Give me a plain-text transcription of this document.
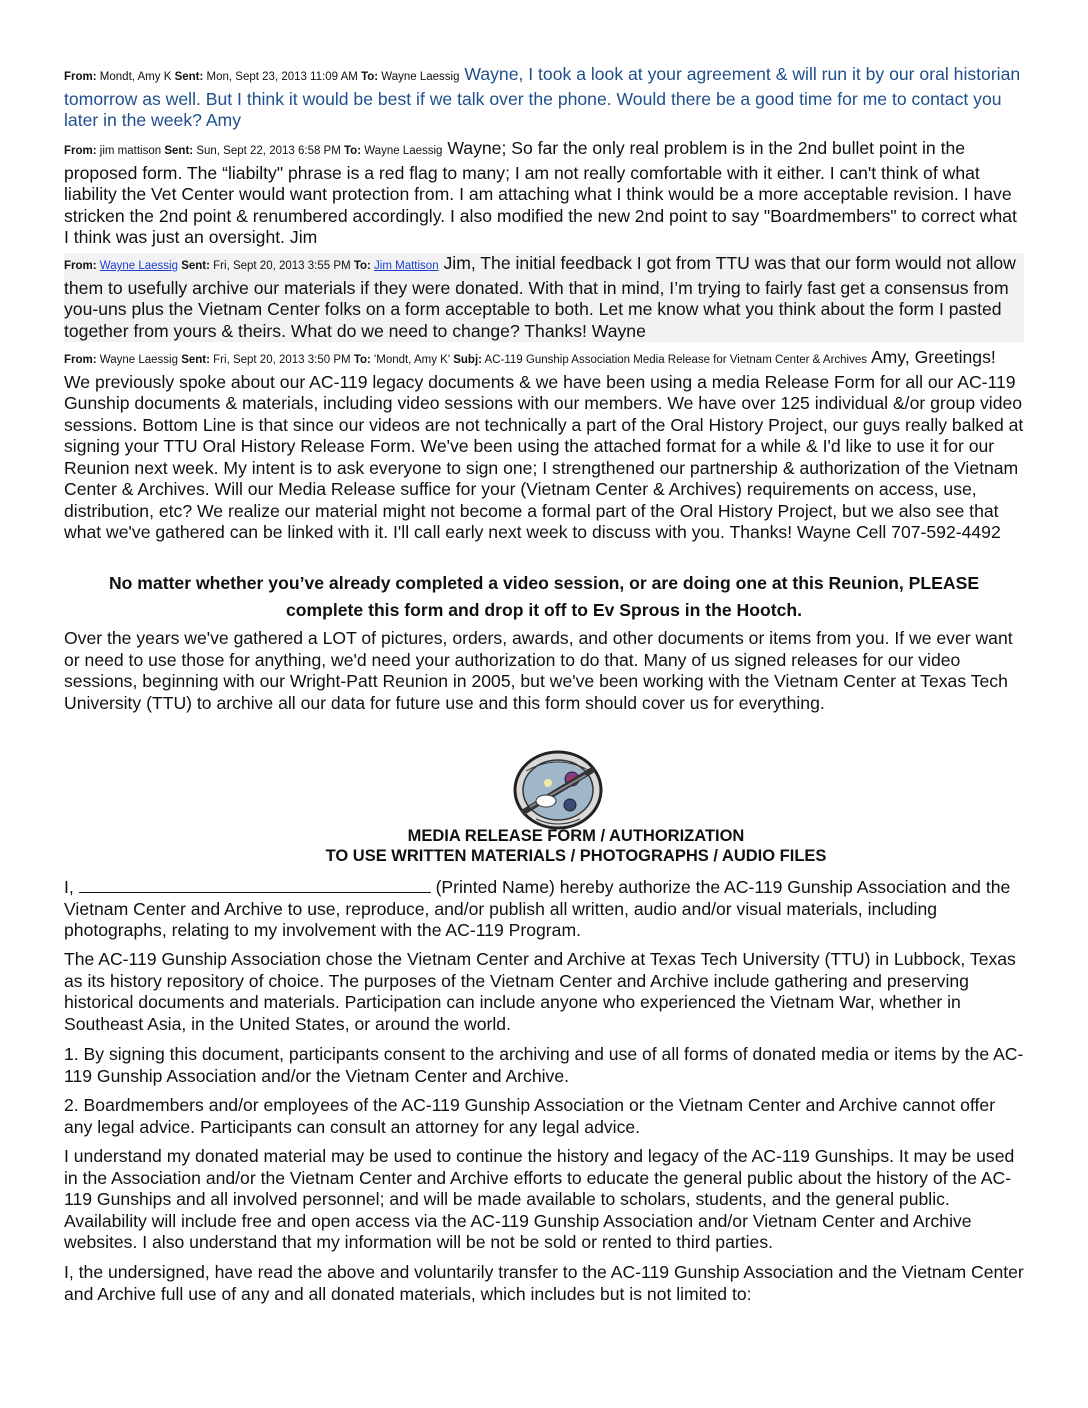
From: Mondt, Amy K Sent: Mon, Sept 23, 2013 11:09 AM To: Wayne Laessig Wayne, I took a look at your agreement & will run it by our oral historian tomorrow as well. But I think it would be best if we talk over the phone. Would there be a good time for me to contact you later in the week? Amy
From: jim mattison Sent: Sun, Sept 22, 2013 6:58 PM To: Wayne Laessig Wayne; So far the only real problem is in the 2nd bullet point in the proposed form. The “liabilty" phrase is a red flag to many; I am not really comfortable with it either. I can't think of what liability the Vet Center would want protection from. I am attaching what I think would be a more acceptable revision. I have stricken the 2nd point & renumbered accordingly. I also modified the new 2nd point to say "Boardmembers" to correct what I think was just an oversight. Jim
From: Wayne Laessig Sent: Fri, Sept 20, 2013 3:55 PM To: Jim Mattison Jim, The initial feedback I got from TTU was that our form would not allow them to usefully archive our materials if they were donated. With that in mind, I’m trying to fairly fast get a consensus from you-uns plus the Vietnam Center folks on a form acceptable to both. Let me know what you think about the form I pasted together from yours & theirs. What do we need to change? Thanks! Wayne
From: Wayne Laessig Sent: Fri, Sept 20, 2013 3:50 PM To: 'Mondt, Amy K' Subj: AC-119 Gunship Association Media Release for Vietnam Center & Archives Amy, Greetings! We previously spoke about our AC-119 legacy documents & we have been using a media Release Form for all our AC-119 Gunship documents & materials, including video sessions with our members. We have over 125 individual &/or group video sessions. Bottom Line is that since our videos are not technically a part of the Oral History Project, our guys really balked at signing your TTU Oral History Release Form. We've been using the attached format for a while & I'd like to use it for our Reunion next week. My intent is to ask everyone to sign one; I strengthened our partnership & authorization of the Vietnam Center & Archives. Will our Media Release suffice for your (Vietnam Center & Archives) requirements on access, use, distribution, etc? We realize our material might not become a formal part of the Oral History Project, but we also see that what we've gathered can be linked with it. I'll call early next week to discuss with you. Thanks! Wayne Cell 707-592-4492
No matter whether you’ve already completed a video session, or are doing one at this Reunion, PLEASE
complete this form and drop it off to Ev Sprous in the Hootch.
Over the years we've gathered a LOT of pictures, orders, awards, and other documents or items from you. If we ever want or need to use those for anything, we'd need your authorization to do that. Many of us signed releases for our video sessions, beginning with our Wright-Patt Reunion in 2005, but we've been working with the Vietnam Center at Texas Tech University (TTU) to archive all our data for future use and this form should cover us for everything.
MEDIA RELEASE FORM / AUTHORIZATION
TO USE WRITTEN MATERIALS / PHOTOGRAPHS / AUDIO FILES
I,	(Printed Name) hereby authorize the AC-119 Gunship Association and the Vietnam Center and Archive to use, reproduce, and/or publish all written, audio and/or visual materials, including photographs, relating to my involvement with the AC-119 Program.
The AC-119 Gunship Association chose the Vietnam Center and Archive at Texas Tech University (TTU) in Lubbock, Texas as its history repository of choice. The purposes of the Vietnam Center and Archive include gathering and preserving historical documents and materials. Participation can include anyone who experienced the Vietnam War, whether in Southeast Asia, in the United States, or around the world.
1. By signing this document, participants consent to the archiving and use of all forms of donated media or items by the AC-119 Gunship Association and/or the Vietnam Center and Archive.
2. Boardmembers and/or employees of the AC-119 Gunship Association or the Vietnam Center and Archive cannot offer any legal advice. Participants can consult an attorney for any legal advice.
I understand my donated material may be used to continue the history and legacy of the AC-119 Gunships. It may be used in the Association and/or the Vietnam Center and Archive efforts to educate the general public about the history of the AC-119 Gunships and all involved personnel; and will be made available to scholars, students, and the general public. Availability will include free and open access via the AC-119 Gunship Association and/or Vietnam Center and Archive websites. I also understand that my information will be not be sold or rented to third parties.
I, the undersigned, have read the above and voluntarily transfer to the AC-119 Gunship Association and the Vietnam Center and Archive full use of any and all donated materials, which includes but is not limited to:
